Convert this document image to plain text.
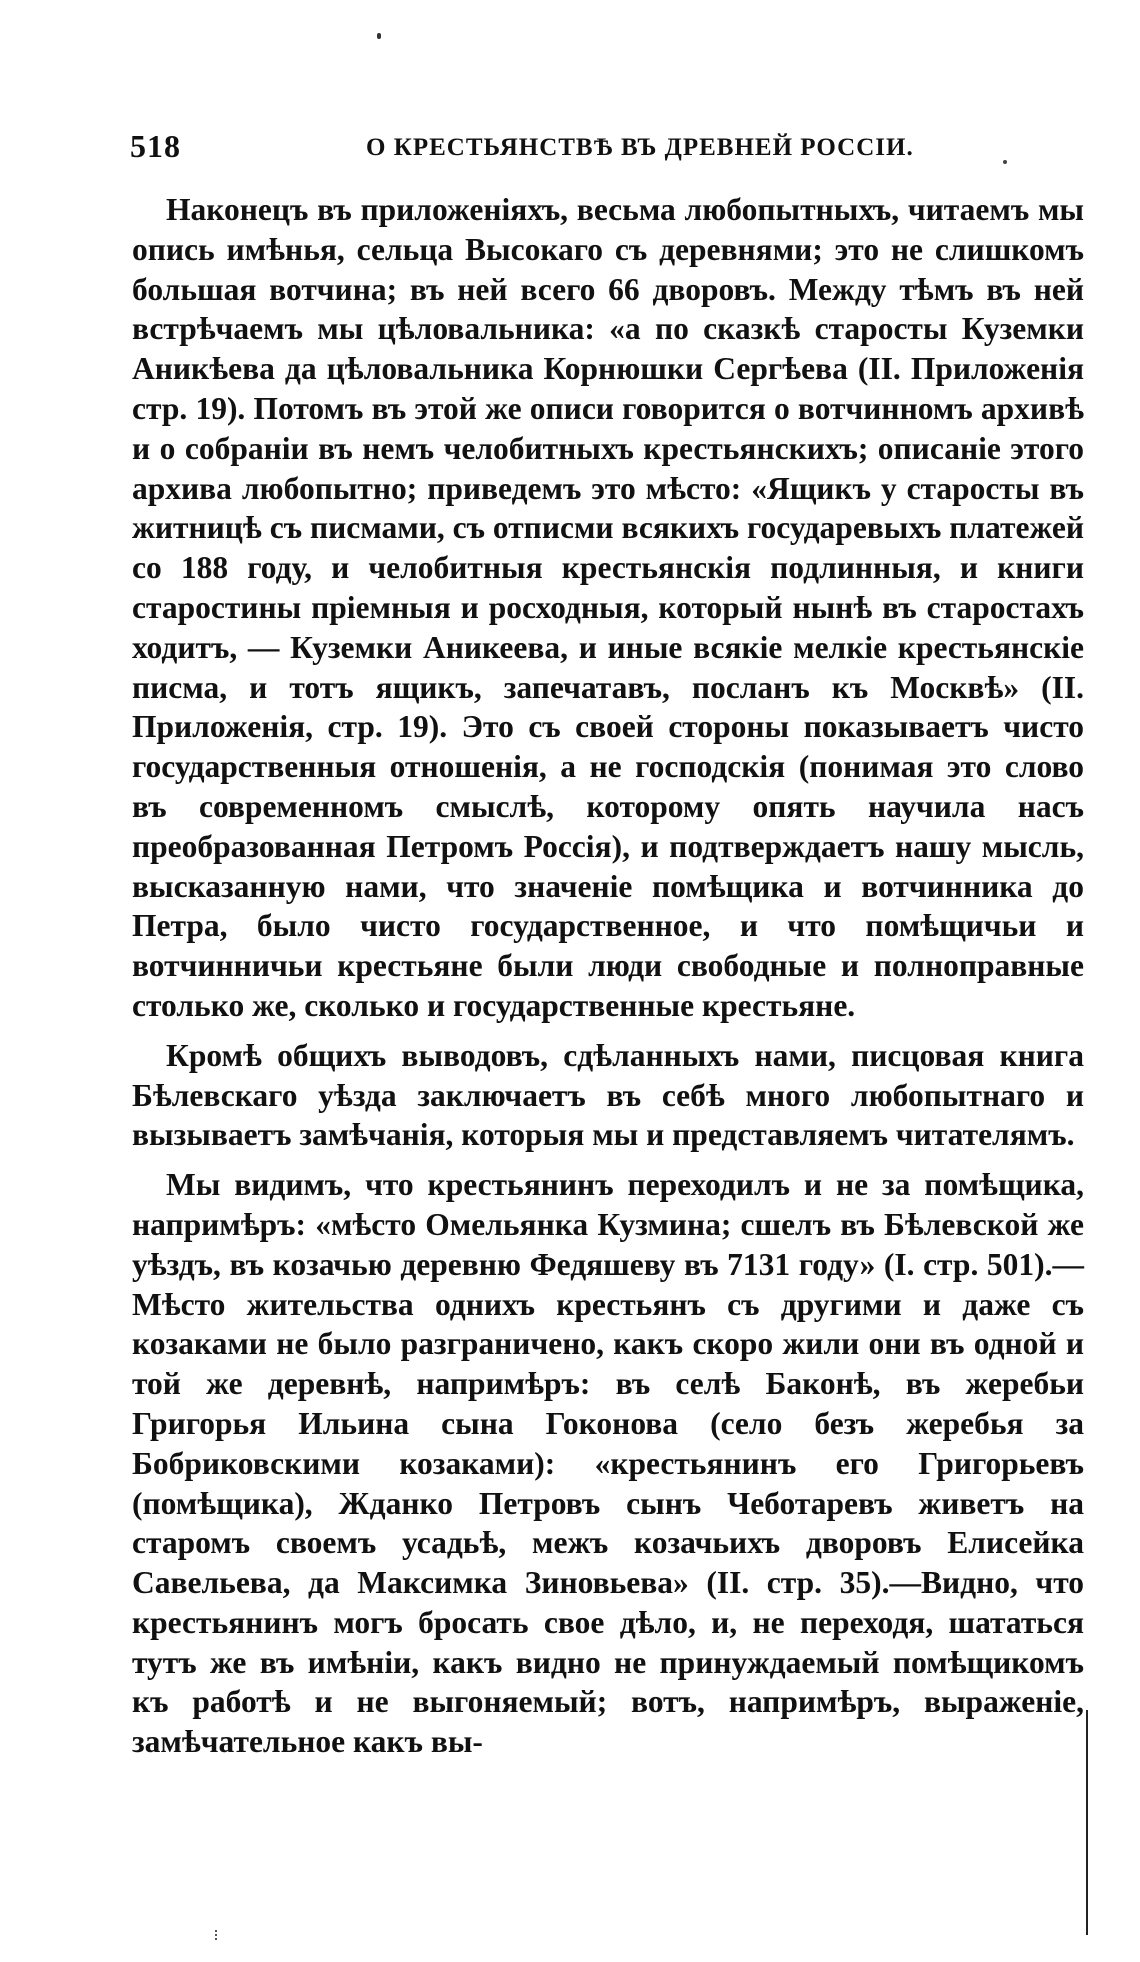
518	О КРЕСТЬЯНСТВѢ ВЪ ДРЕВНЕЙ РОССІИ.

Наконецъ въ приложеніяхъ, весьма любопытныхъ, читаемъ мы опись имѣнья, сельца Высокаго съ деревнями; это не слишкомъ большая вотчина; въ ней всего 66 дворовъ. Между тѣмъ въ ней встрѣчаемъ мы цѣловальника: «а по сказкѣ старосты Куземки Аникѣева да цѣловальника Корнюшки Сергѣева (II. Приложенія стр. 19). Потомъ въ этой же описи говорится о вотчинномъ архивѣ и о собраніи въ немъ челобитныхъ крестьянскихъ; описаніе этого архива любопытно; приведемъ это мѣсто: «Ящикъ у старосты въ житницѣ съ писмами, съ отписми всякихъ государевыхъ платежей со 188 году, и челобитныя крестьянскія подлинныя, и книги старостины пріемныя и росходныя, который нынѣ въ старостахъ ходитъ, — Куземки Аникеева, и иные всякіе мелкіе крестьянскіе писма, и тотъ ящикъ, запечатавъ, посланъ къ Москвѣ» (II. Приложенія, стр. 19). Это съ своей стороны показываетъ чисто государственныя отношенія, а не господскія (понимая это слово въ современномъ смыслѣ, которому опять научила насъ преобразованная Петромъ Россія), и подтверждаетъ нашу мысль, высказанную нами, что значеніе помѣщика и вотчинника до Петра, было чисто государственное, и что помѣщичьи и вотчинничьи крестьяне были люди свободные и полноправные столько же, сколько и государственные крестьяне.

Кромѣ общихъ выводовъ, сдѣланныхъ нами, писцовая книга Бѣлевскаго уѣзда заключаетъ въ себѣ много любопытнаго и вызываетъ замѣчанія, которыя мы и представляемъ читателямъ.

Мы видимъ, что крестьянинъ переходилъ и не за помѣщика, напримѣръ: «мѣсто Омельянка Кузмина; сшелъ въ Бѣлевской же уѣздъ, въ козачью деревню Федяшеву въ 7131 году» (I. стр. 501).— Мѣсто жительства однихъ крестьянъ съ другими и даже съ козаками не было разграничено, какъ скоро жили они въ одной и той же деревнѣ, напримѣръ: въ селѣ Баконѣ, въ жеребьи Григорья Ильина сына Гоконова (село безъ жеребья за Бобриковскими козаками): «крестьянинъ его Григорьевъ (помѣщика), Жданко Петровъ сынъ Чеботаревъ живетъ на старомъ своемъ усадьѣ, межъ козачьихъ дворовъ Елисейка Савельева, да Максимка Зиновьева» (II. стр. 35).—Видно, что крестьянинъ могъ бросать свое дѣло, и, не переходя, шататься тутъ же въ имѣніи, какъ видно не принуждаемый помѣщикомъ къ работѣ и не выгоняемый; вотъ, напримѣръ, выраженіе, замѣчательное какъ вы-
